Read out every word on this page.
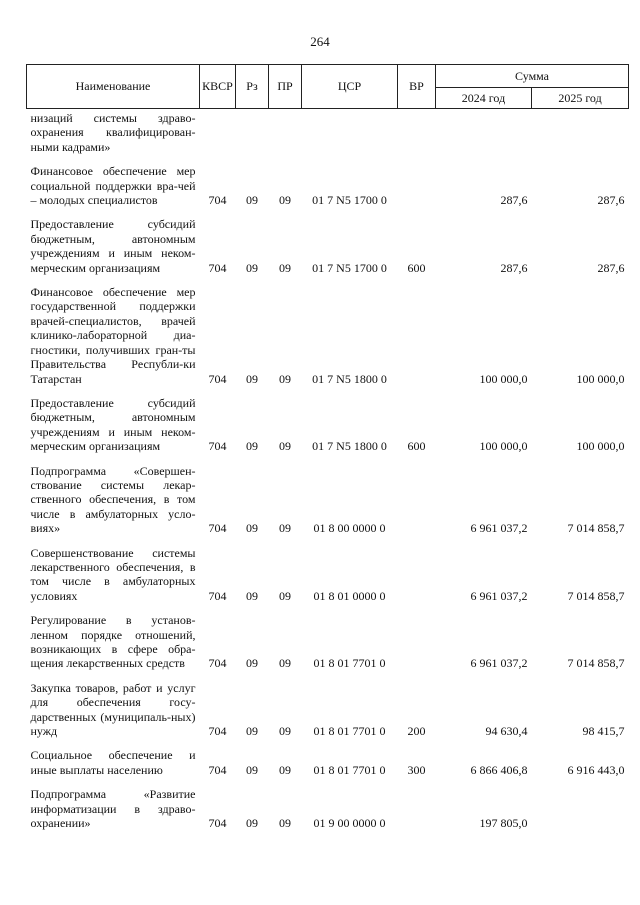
264
Наименование	КВСР	Рз	ПР	ЦСР	ВР	Сумма	
						2024 год	2025 год
низаций системы здраво-охранения квалифицирован-ными кадрами»							
Финансовое обеспечение мер социальной поддержки вра-чей – молодых специалистов	704	09	09	01 7 N5 1700 0		287,6	287,6
Предоставление субсидий бюджетным, автономным учреждениям и иным неком-мерческим организациям	704	09	09	01 7 N5 1700 0	600	287,6	287,6
Финансовое обеспечение мер государственной поддержки врачей-специалистов, врачей клинико-лабораторной диа-гностики, получивших гран-ты Правительства Республи-ки Татарстан	704	09	09	01 7 N5 1800 0		100 000,0	100 000,0
Предоставление субсидий бюджетным, автономным учреждениям и иным неком-мерческим организациям	704	09	09	01 7 N5 1800 0	600	100 000,0	100 000,0
Подпрограмма «Совершен-ствование системы лекар-ственного обеспечения, в том числе в амбулаторных усло-виях»	704	09	09	01 8 00 0000 0		6 961 037,2	7 014 858,7
Совершенствование системы лекарственного обеспечения, в том числе в амбулаторных условиях	704	09	09	01 8 01 0000 0		6 961 037,2	7 014 858,7
Регулирование в установ-ленном порядке отношений, возникающих в сфере обра-щения лекарственных средств	704	09	09	01 8 01 7701 0		6 961 037,2	7 014 858,7
Закупка товаров, работ и услуг для обеспечения госу-дарственных (муниципаль-ных) нужд	704	09	09	01 8 01 7701 0	200	94 630,4	98 415,7
Социальное обеспечение и иные выплаты населению	704	09	09	01 8 01 7701 0	300	6 866 406,8	6 916 443,0
Подпрограмма «Развитие информатизации в здраво-охранении»	704	09	09	01 9 00 0000 0		197 805,0	
